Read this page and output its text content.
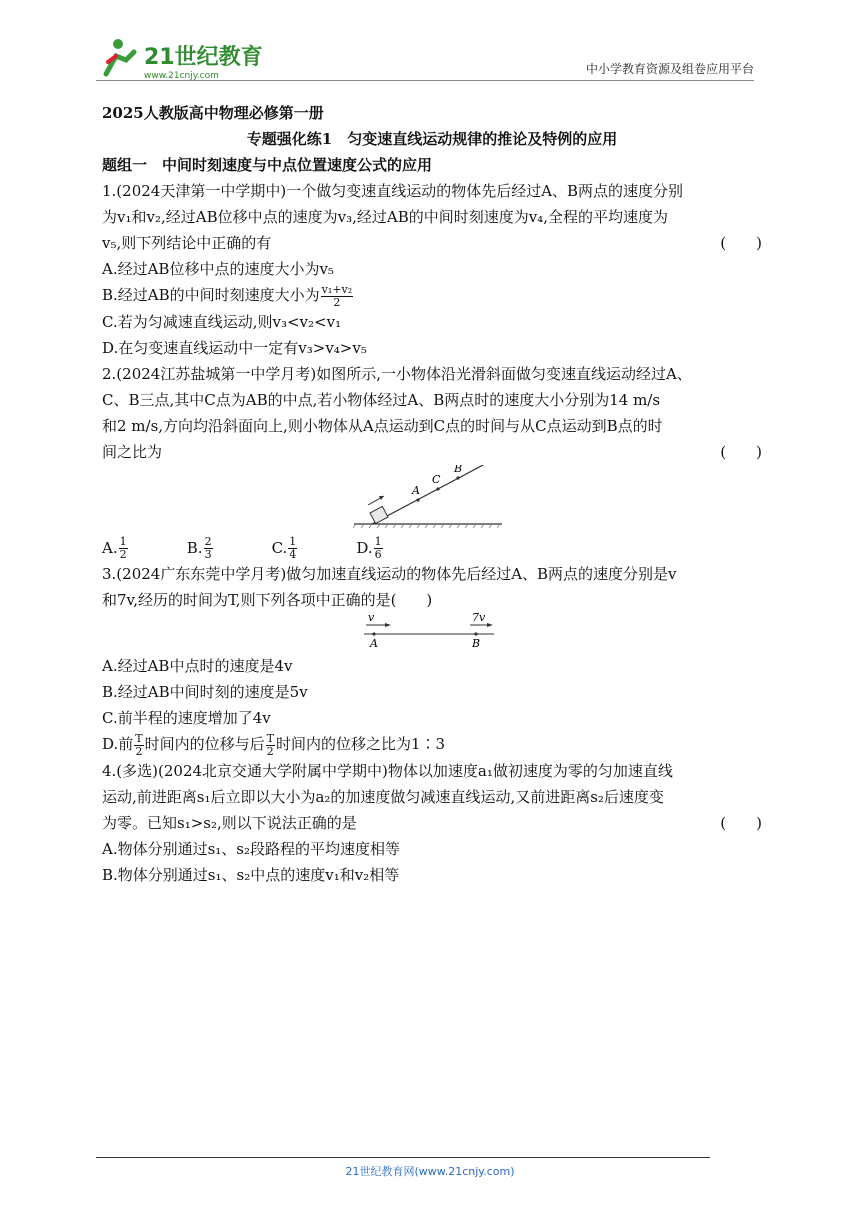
21世纪教育
www.21cnjy.com	中小学教育资源及组卷应用平台
2025人教版高中物理必修第一册
专题强化练1　匀变速直线运动规律的推论及特例的应用
题组一　中间时刻速度与中点位置速度公式的应用
1.(2024天津第一中学期中)一个做匀变速直线运动的物体先后经过A、B两点的速度分别
为v₁和v₂,经过AB位移中点的速度为v₃,经过AB的中间时刻速度为v₄,全程的平均速度为
v₅,则下列结论中正确的有	(　　)
A.经过AB位移中点的速度大小为v₅
B.经过AB的中间时刻速度大小为 $\frac{\text{v₁+v₂}}{2}$
C.若为匀减速直线运动,则v₃<v₂<v₁
D.在匀变速直线运动中一定有v₃>v₄>v₅
2.(2024江苏盐城第一中学月考)如图所示,一小物体沿光滑斜面做匀变速直线运动经过A、
C、B三点,其中C点为AB的中点,若小物体经过A、B两点时的速度大小分别为14 m/s
和2 m/s,方向均沿斜面向上,则小物体从A点运动到C点的时间与从C点运动到B点的时
间之比为	(　　)
A
C
B
A. $\frac{1}{2}$	B. $\frac{2}{3}$	C. $\frac{1}{4}$	D. $\frac{1}{6}$
3.(2024广东东莞中学月考)做匀加速直线运动的物体先后经过A、B两点的速度分别是v
和7v,经历的时间为T,则下列各项中正确的是(　　)
v	7v
A	B
A.经过AB中点时的速度是4v
B.经过AB中间时刻的速度是5v
C.前半程的速度增加了4v
D.前 $\frac{T}{2}$ 时间内的位移与后 $\frac{T}{2}$ 时间内的位移之比为1∶3
4.(多选)(2024北京交通大学附属中学期中)物体以加速度a₁做初速度为零的匀加速直线
运动,前进距离s₁后立即以大小为a₂的加速度做匀减速直线运动,又前进距离s₂后速度变
为零。已知s₁>s₂,则以下说法正确的是	(　　)
A.物体分别通过s₁、s₂段路程的平均速度相等
B.物体分别通过s₁、s₂中点的速度v₁和v₂相等
21世纪教育网(www.21cnjy.com)
